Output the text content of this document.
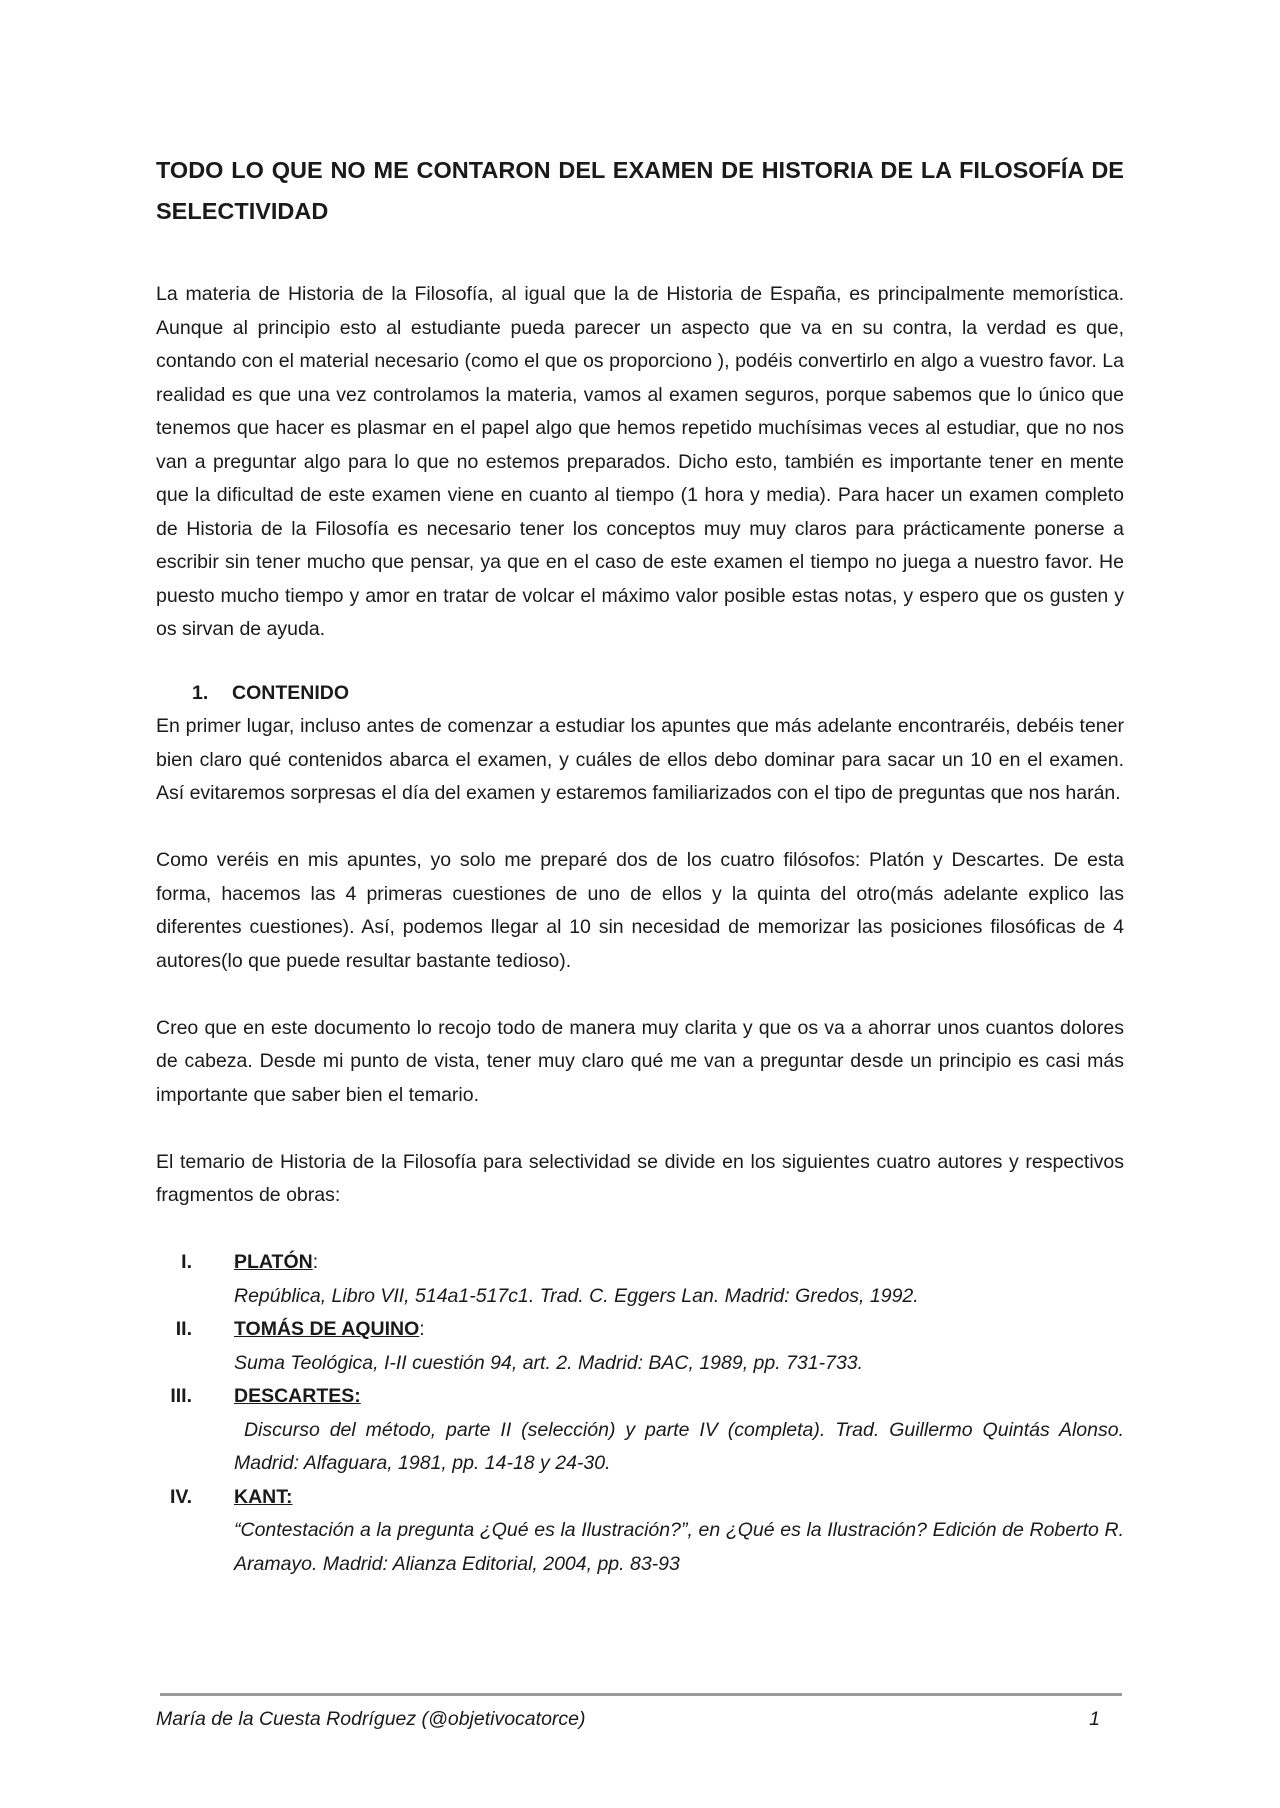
TODO LO QUE NO ME CONTARON DEL EXAMEN DE HISTORIA DE LA FILOSOFÍA DE SELECTIVIDAD

La materia de Historia de la Filosofía, al igual que la de Historia de España, es principalmente memorística. Aunque al principio esto al estudiante pueda parecer un aspecto que va en su contra, la verdad es que, contando con el material necesario (como el que os proporciono ), podéis convertirlo en algo a vuestro favor. La realidad es que una vez controlamos la materia, vamos al examen seguros, porque sabemos que lo único que tenemos que hacer es plasmar en el papel algo que hemos repetido muchísimas veces al estudiar, que no nos van a preguntar algo para lo que no estemos preparados. Dicho esto, también es importante tener en mente que la dificultad de este examen viene en cuanto al tiempo (1 hora y media). Para hacer un examen completo de Historia de la Filosofía es necesario tener los conceptos muy muy claros para prácticamente ponerse a escribir sin tener mucho que pensar, ya que en el caso de este examen el tiempo no juega a nuestro favor. He puesto mucho tiempo y amor en tratar de volcar el máximo valor posible estas notas, y espero que os gusten y os sirvan de ayuda.

1. CONTENIDO

En primer lugar, incluso antes de comenzar a estudiar los apuntes que más adelante encontraréis, debéis tener bien claro qué contenidos abarca el examen, y cuáles de ellos debo dominar para sacar un 10 en el examen. Así evitaremos sorpresas el día del examen y estaremos familiarizados con el tipo de preguntas que nos harán.

Como veréis en mis apuntes, yo solo me preparé dos de los cuatro filósofos: Platón y Descartes. De esta forma, hacemos las 4 primeras cuestiones de uno de ellos y la quinta del otro(más adelante explico las diferentes cuestiones). Así, podemos llegar al 10 sin necesidad de memorizar las posiciones filosóficas de 4 autores(lo que puede resultar bastante tedioso).

Creo que en este documento lo recojo todo de manera muy clarita y que os va a ahorrar unos cuantos dolores de cabeza. Desde mi punto de vista, tener muy claro qué me van a preguntar desde un principio es casi más importante que saber bien el temario.

El temario de Historia de la Filosofía para selectividad se divide en los siguientes cuatro autores y respectivos fragmentos de obras:

I. PLATÓN:
República, Libro VII, 514a1-517c1. Trad. C. Eggers Lan. Madrid: Gredos, 1992.
II. TOMÁS DE AQUINO:
Suma Teológica, I-II cuestión 94, art. 2. Madrid: BAC, 1989, pp. 731-733.
III. DESCARTES:
Discurso del método, parte II (selección) y parte IV (completa). Trad. Guillermo Quintás Alonso. Madrid: Alfaguara, 1981, pp. 14-18 y 24-30.
IV. KANT:
“Contestación a la pregunta ¿Qué es la Ilustración?”, en ¿Qué es la Ilustración? Edición de Roberto R. Aramayo. Madrid: Alianza Editorial, 2004, pp. 83-93
María de la Cuesta Rodríguez (@objetivocatorce)	1
